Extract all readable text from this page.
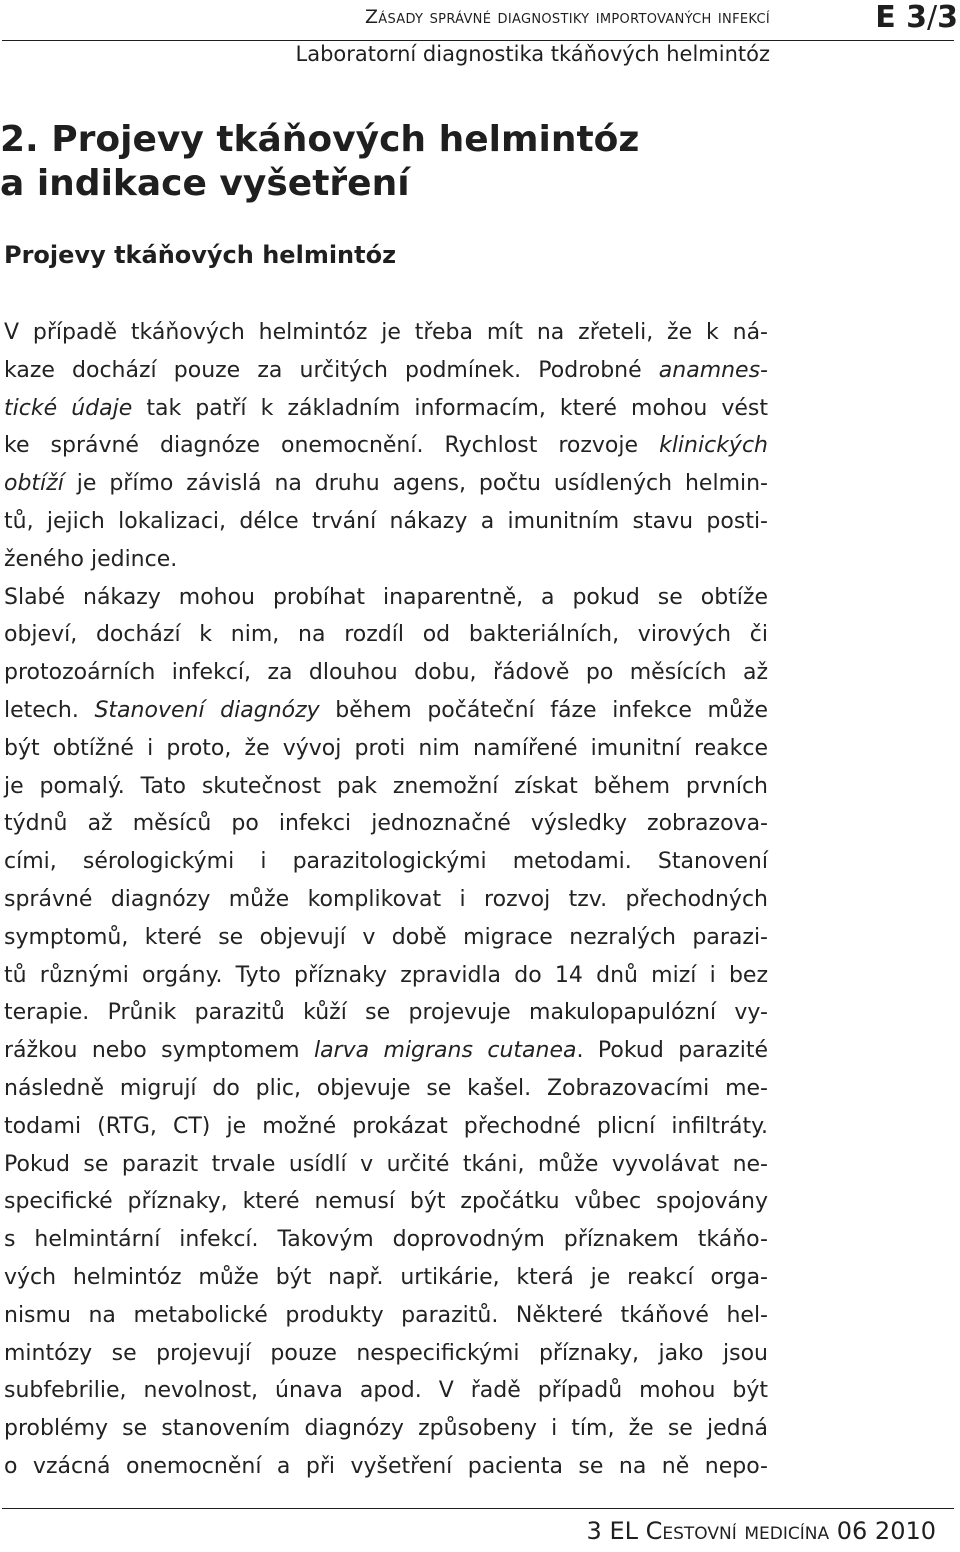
Zásady správné diagnostiky importovaných infekcí	E 3/3
Laboratorní diagnostika tkáňových helmintóz
2. Projevy tkáňových helmintóz
a indikace vyšetření
Projevy tkáňových helmintóz
V případě tkáňových helmintóz je třeba mít na zřeteli, že k ná-
kaze dochází pouze za určitých podmínek. Podrobné anamnes-
tické údaje tak patří k základním informacím, které mohou vést
ke správné diagnóze onemocnění. Rychlost rozvoje klinických
obtíží je přímo závislá na druhu agens, počtu usídlených helmin-
tů, jejich lokalizaci, délce trvání nákazy a imunitním stavu posti-
ženého jedince.
Slabé nákazy mohou probíhat inaparentně, a pokud se obtíže
objeví, dochází k nim, na rozdíl od bakteriálních, virových či
protozoárních infekcí, za dlouhou dobu, řádově po měsících až
letech. Stanovení diagnózy během počáteční fáze infekce může
být obtížné i proto, že vývoj proti nim namířené imunitní reakce
je pomalý. Tato skutečnost pak znemožní získat během prvních
týdnů až měsíců po infekci jednoznačné výsledky zobrazova-
cími, sérologickými i parazitologickými metodami. Stanovení
správné diagnózy může komplikovat i rozvoj tzv. přechodných
symptomů, které se objevují v době migrace nezralých parazi-
tů různými orgány. Tyto příznaky zpravidla do 14 dnů mizí i bez
terapie. Průnik parazitů kůží se projevuje makulopapulózní vy-
rážkou nebo symptomem larva migrans cutanea. Pokud parazité
následně migrují do plic, objevuje se kašel. Zobrazovacími me-
todami (RTG, CT) je možné prokázat přechodné plicní infiltráty.
Pokud se parazit trvale usídlí v určité tkáni, může vyvolávat ne-
specifické příznaky, které nemusí být zpočátku vůbec spojovány
s helmintární infekcí. Takovým doprovodným příznakem tkáňo-
vých helmintóz může být např. urtikárie, která je reakcí orga-
nismu na metabolické produkty parazitů. Některé tkáňové hel-
mintózy se projevují pouze nespecifickými příznaky, jako jsou
subfebrilie, nevolnost, únava apod. V řadě případů mohou být
problémy se stanovením diagnózy způsobeny i tím, že se jedná
o vzácná onemocnění a při vyšetření pacienta se na ně nepo-
3 EL Cestovní medicína 06 2010
